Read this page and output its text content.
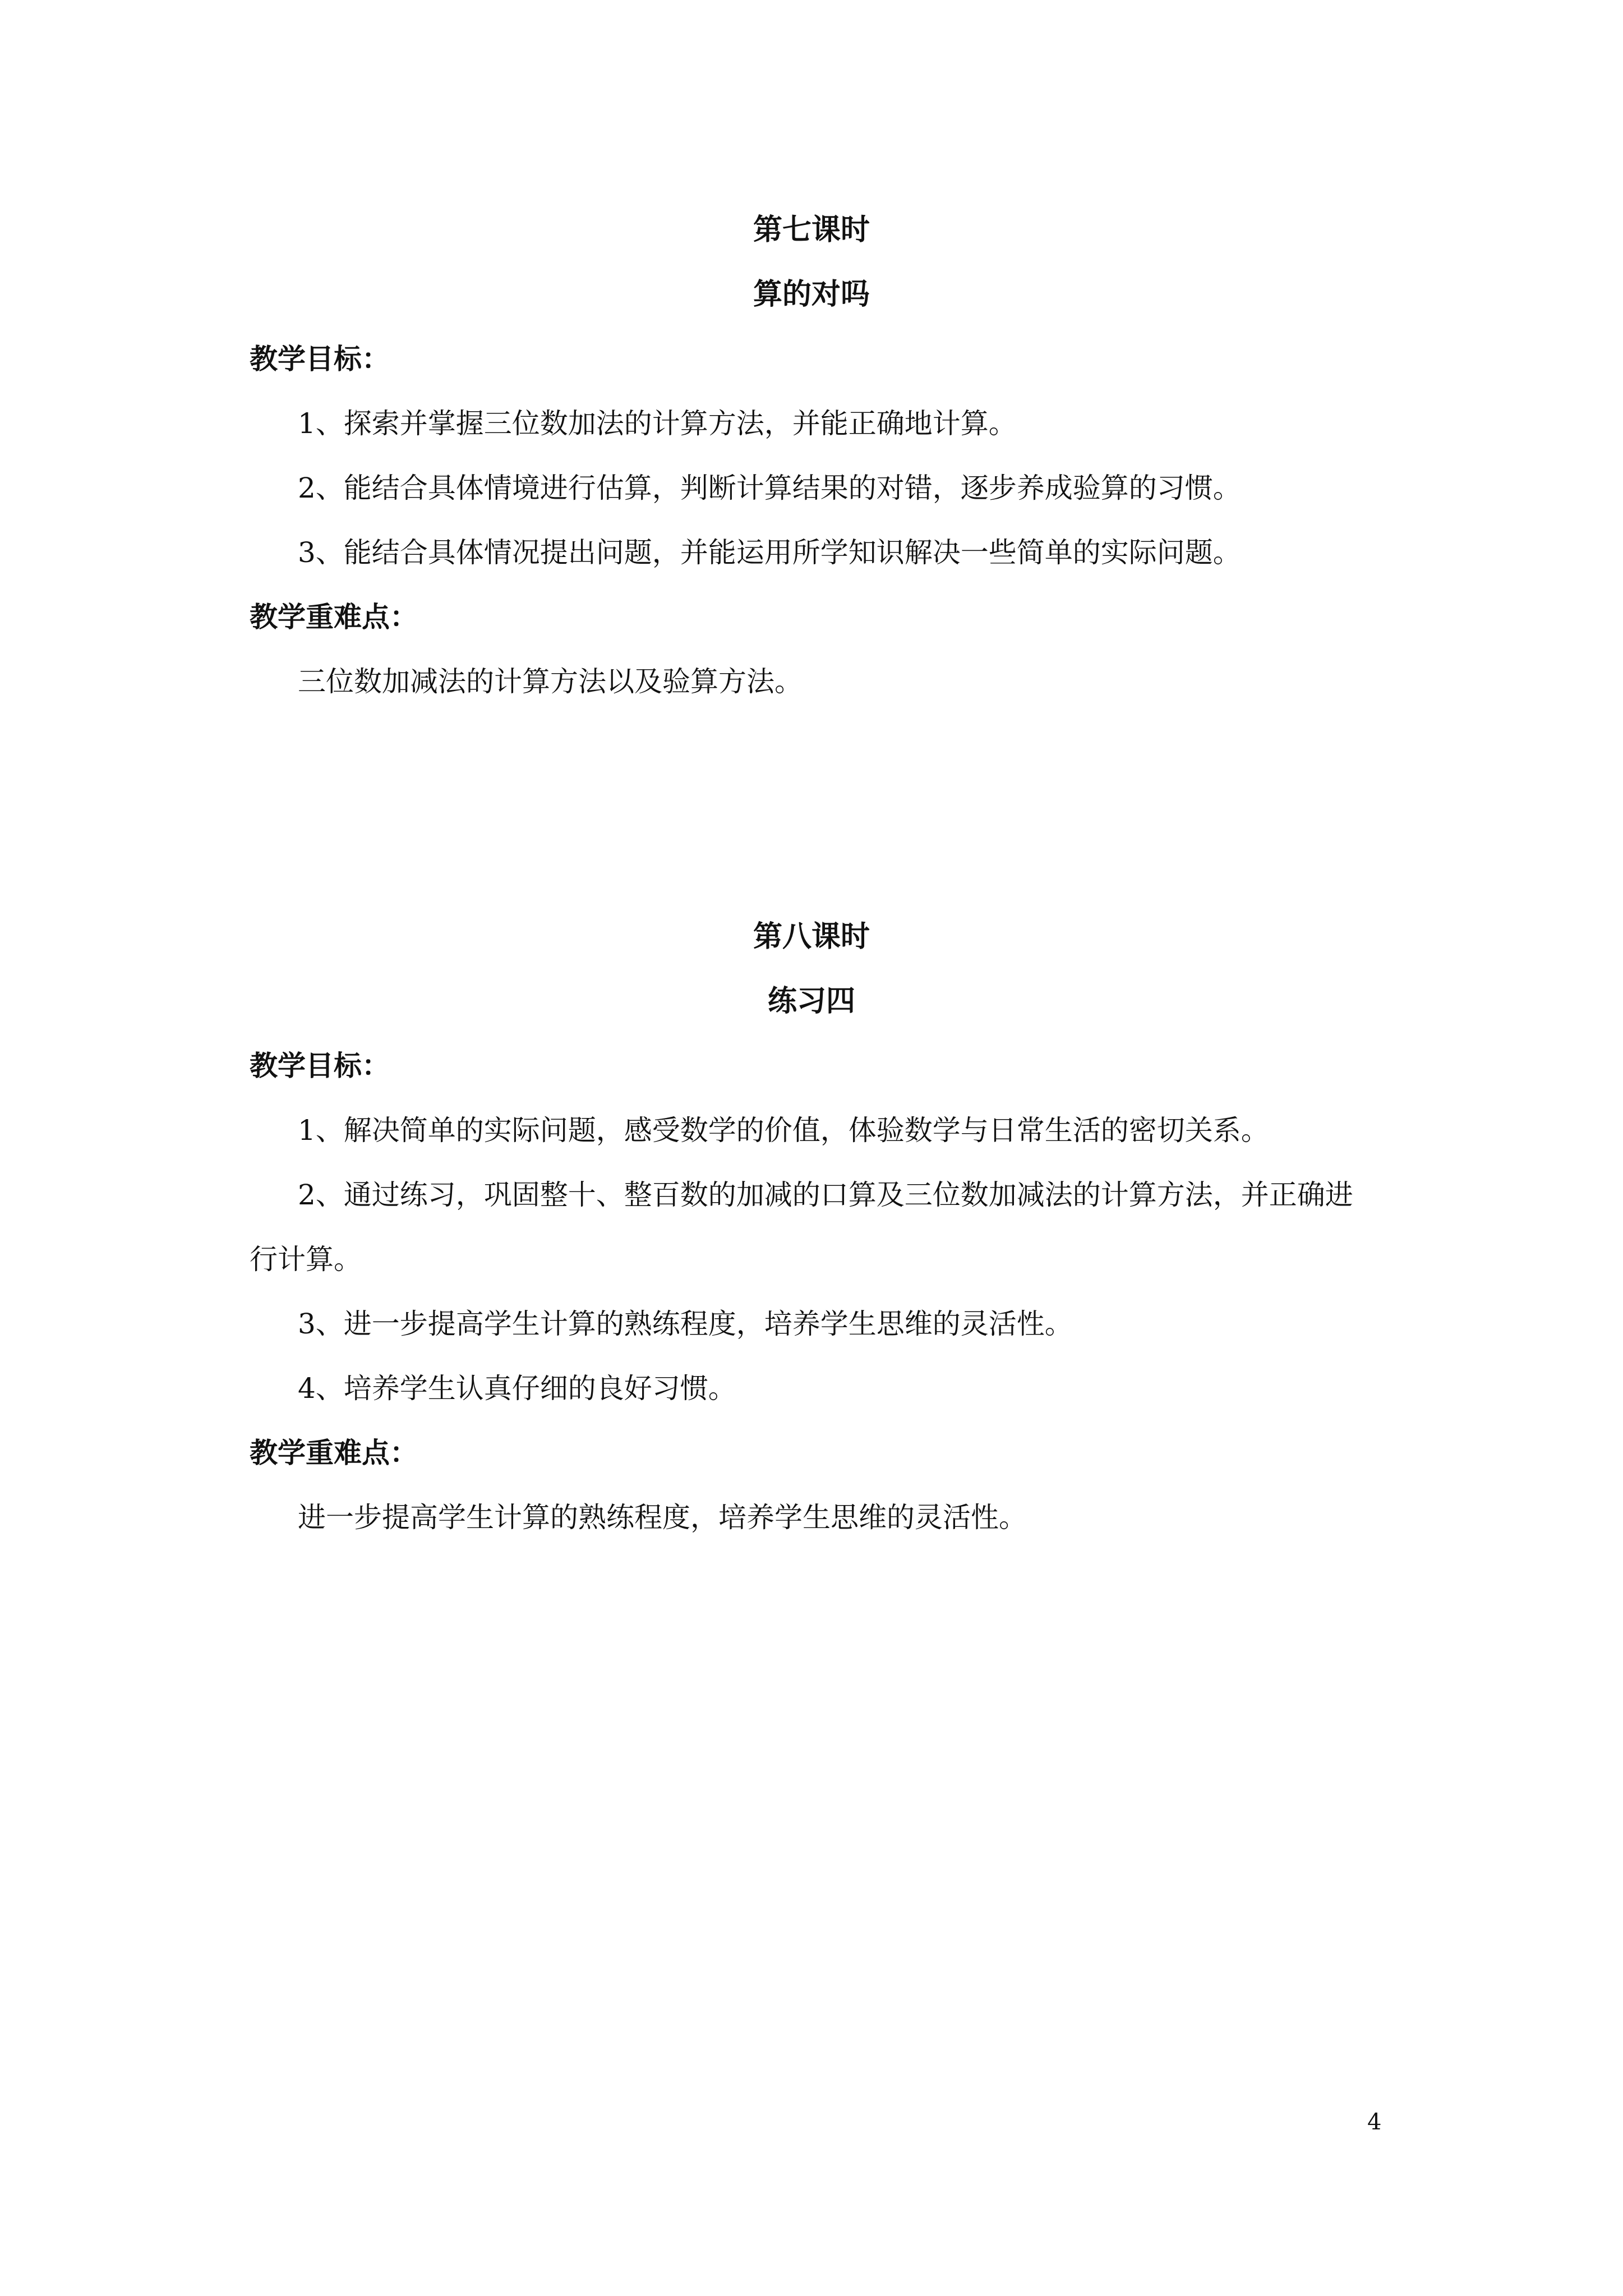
第七课时
算的对吗
教学目标：
1、探索并掌握三位数加法的计算方法，并能正确地计算。
2、能结合具体情境进行估算，判断计算结果的对错，逐步养成验算的习惯。
3、能结合具体情况提出问题，并能运用所学知识解决一些简单的实际问题。
教学重难点：
三位数加减法的计算方法以及验算方法。
第八课时
练习四
教学目标：
1、解决简单的实际问题，感受数学的价值，体验数学与日常生活的密切关系。
2、通过练习，巩固整十、整百数的加减的口算及三位数加减法的计算方法，并正确进
行计算。
3、进一步提高学生计算的熟练程度，培养学生思维的灵活性。
4、培养学生认真仔细的良好习惯。
教学重难点：
进一步提高学生计算的熟练程度，培养学生思维的灵活性。
4
